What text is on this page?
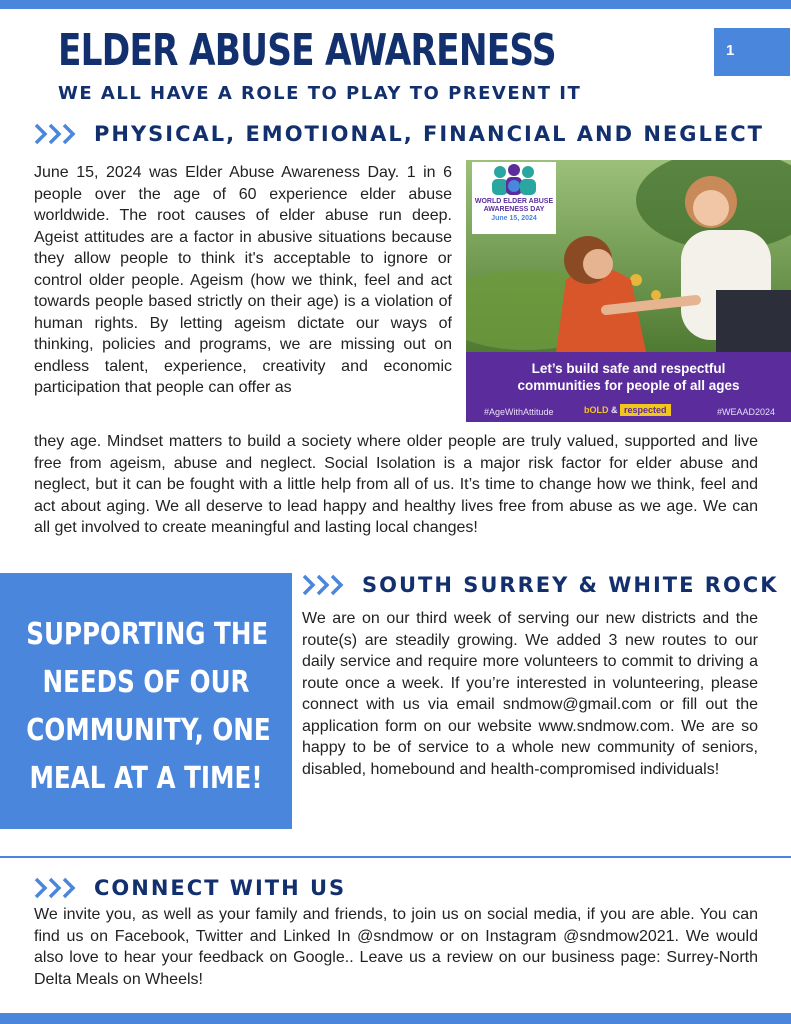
ELDER ABUSE AWARENESS
WE ALL HAVE A ROLE TO PLAY TO PREVENT IT
1
PHYSICAL, EMOTIONAL, FINANCIAL AND NEGLECT

June 15, 2024 was Elder Abuse Awareness Day. 1 in 6 people over the age of 60 experience elder abuse worldwide. The root causes of elder abuse run deep. Ageist attitudes are a factor in abusive situations because they allow people to think it's acceptable to ignore or control older people. Ageism (how we think, feel and act towards people based strictly on their age) is a violation of human rights. By letting ageism dictate our ways of thinking, policies and programs, we are missing out on endless talent, experience, creativity and economic participation that people can offer as

they age. Mindset matters to build a society where older people are truly valued, supported and live free from ageism, abuse and neglect. Social Isolation is a major risk factor for elder abuse and neglect, but it can be fought with a little help from all of us. It’s time to change how we think, feel and act about aging. We all deserve to lead happy and healthy lives free from abuse as we age. We can all get involved to create meaningful and lasting local changes!

WORLD ELDER ABUSE
AWARENESS DAY
June 15, 2024
Let’s build safe and respectful
communities for people of all ages
#AgeWithAttitude	bOLD & respected	#WEAAD2024
SUPPORTING THE
NEEDS OF OUR
COMMUNITY, ONE
MEAL AT A TIME!
SOUTH SURREY & WHITE ROCK

We are on our third week of serving our new districts and the route(s) are steadily growing. We added 3 new routes to our daily service and require more volunteers to commit to driving a route once a week. If you’re interested in volunteering, please connect with us via email sndmow@gmail.com or fill out the application form on our website www.sndmow.com. We are so happy to be of service to a whole new community of seniors, disabled, homebound and health-compromised individuals!

CONNECT WITH US

We invite you, as well as your family and friends, to join us on social media, if you are able. You can find us on Facebook, Twitter and Linked In @sndmow or on Instagram @sndmow2021. We would also love to hear your feedback on Google.. Leave us a review on our business page: Surrey-North Delta Meals on Wheels!
